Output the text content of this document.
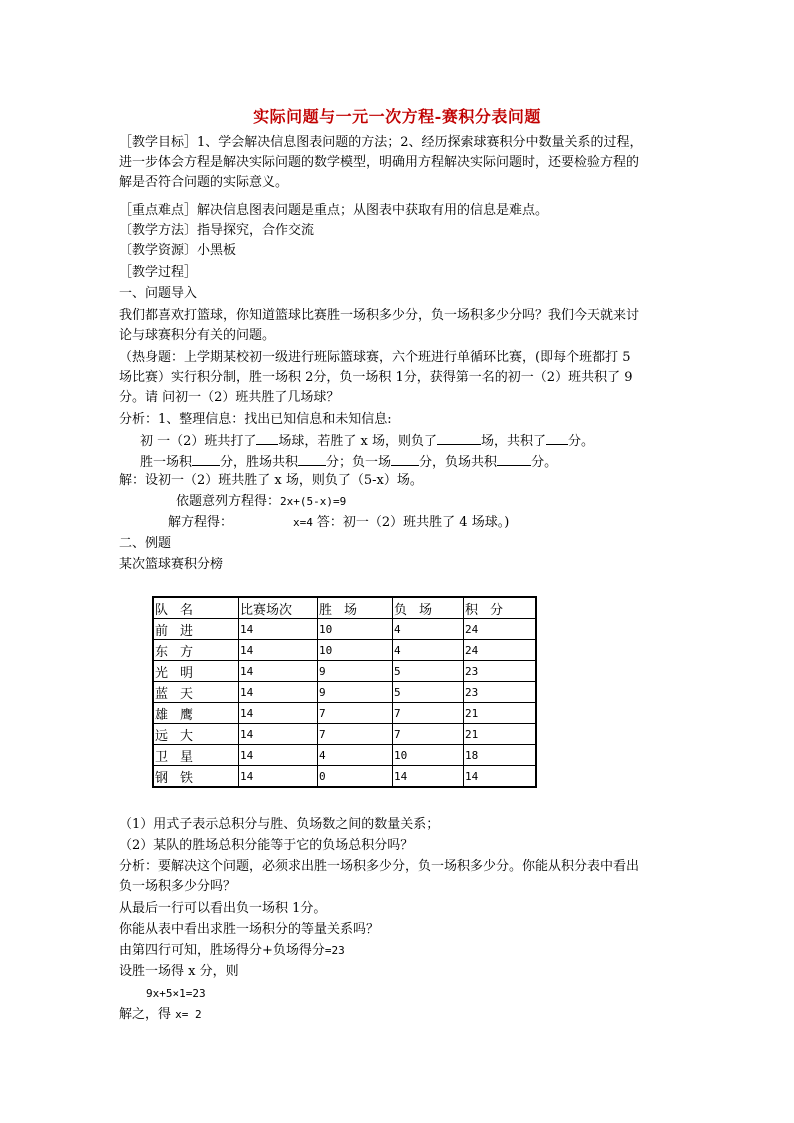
实际问题与一元一次方程-赛积分表问题
［教学目标］1、学会解决信息图表问题的方法；2、经历探索球赛积分中数量关系的过程，
进一步体会方程是解决实际问题的数学模型，明确用方程解决实际问题时，还要检验方程的
解是否符合问题的实际意义。
［重点难点］解决信息图表问题是重点；从图表中获取有用的信息是难点。
〔教学方法〕指导探究，合作交流
〔教学资源〕小黑板
［教学过程］
一、问题导入
我们都喜欢打篮球，你知道篮球比赛胜一场积多少分，负一场积多少分吗？我们今天就来讨
论与球赛积分有关的问题。
（热身题：上学期某校初一级进行班际篮球赛，六个班进行单循环比赛，(即每个班都打 5
场比赛）实行积分制，胜一场积 2分，负一场积 1分，获得第一名的初一（2）班共积了 9
分。请 问初一（2）班共胜了几场球？
分析：1、整理信息：找出已知信息和未知信息:
初 一（2）班共打了 场球，若胜了 x 场，则负了	场，共积了 分。
胜一场积 分，胜场共积 分；负一场 分，负场共积	分。
解：设初一（2）班共胜了 x 场，则负了（5-x）场。
依题意列方程得：2x+(5-x)=9
解方程得：	x=4 答：初一（2）班共胜了 4 场球。)
二、例题
某次篮球赛积分榜
队名	比赛场次	胜场	负场	积分
前进	14	10	4	24
东方	14	10	4	24
光明	14	9	5	23
蓝天	14	9	5	23
雄鹰	14	7	7	21
远大	14	7	7	21
卫星	14	4	10	18
钢铁	14	0	14	14
（1）用式子表示总积分与胜、负场数之间的数量关系；
（2）某队的胜场总积分能等于它的负场总积分吗？
分析：要解决这个问题，必须求出胜一场积多少分，负一场积多少分。你能从积分表中看出
负一场积多少分吗？
从最后一行可以看出负一场积 1分。
你能从表中看出求胜一场积分的等量关系吗？
由第四行可知，胜场得分+负场得分=23
设胜一场得 x 分，则
9x+5×1=23
解之，得 x= 2
